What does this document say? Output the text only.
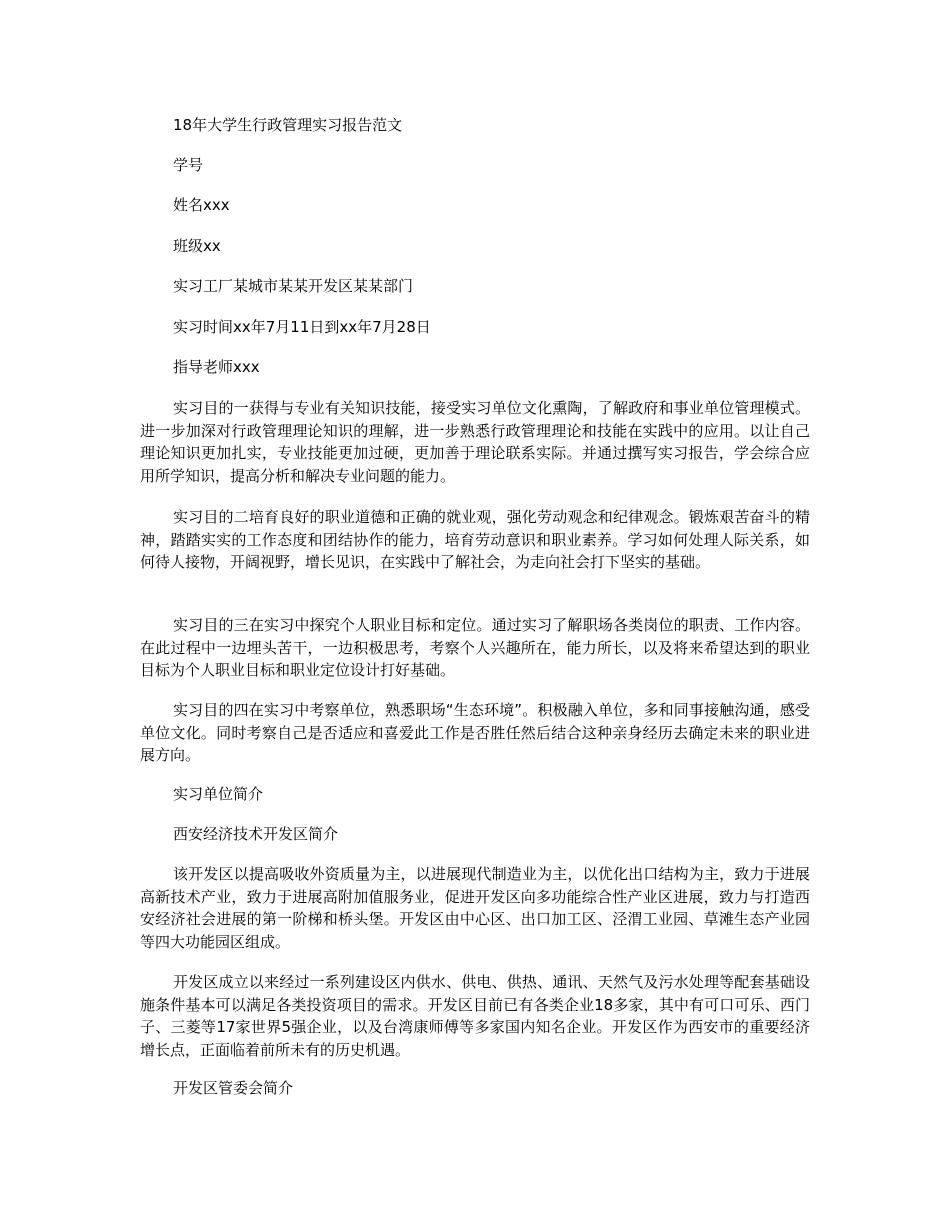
18年大学生行政管理实习报告范文
学号
姓名xxx
班级xx
实习工厂某城市某某开发区某某部门
实习时间xx年7月11日到xx年7月28日
指导老师xxx
实习目的一获得与专业有关知识技能，接受实习单位文化熏陶，了解政府和事业单位管理模式。进一步加深对行政管理理论知识的理解，进一步熟悉行政管理理论和技能在实践中的应用。以让自己理论知识更加扎实，专业技能更加过硬，更加善于理论联系实际。并通过撰写实习报告，学会综合应用所学知识，提高分析和解决专业问题的能力。
实习目的二培育良好的职业道德和正确的就业观，强化劳动观念和纪律观念。锻炼艰苦奋斗的精神，踏踏实实的工作态度和团结协作的能力，培育劳动意识和职业素养。学习如何处理人际关系，如何待人接物，开阔视野，增长见识，在实践中了解社会，为走向社会打下坚实的基础。
实习目的三在实习中探究个人职业目标和定位。通过实习了解职场各类岗位的职责、工作内容。在此过程中一边埋头苦干，一边积极思考，考察个人兴趣所在，能力所长，以及将来希望达到的职业目标为个人职业目标和职业定位设计打好基础。
实习目的四在实习中考察单位，熟悉职场“生态环境”。积极融入单位，多和同事接触沟通，感受单位文化。同时考察自己是否适应和喜爱此工作是否胜任然后结合这种亲身经历去确定未来的职业进展方向。
实习单位简介
西安经济技术开发区简介
该开发区以提高吸收外资质量为主，以进展现代制造业为主，以优化出口结构为主，致力于进展高新技术产业，致力于进展高附加值服务业，促进开发区向多功能综合性产业区进展，致力与打造西安经济社会进展的第一阶梯和桥头堡。开发区由中心区、出口加工区、泾渭工业园、草滩生态产业园等四大功能园区组成。
开发区成立以来经过一系列建设区内供水、供电、供热、通讯、天然气及污水处理等配套基础设施条件基本可以满足各类投资项目的需求。开发区目前已有各类企业18多家，其中有可口可乐、西门子、三菱等17家世界5强企业，以及台湾康师傅等多家国内知名企业。开发区作为西安市的重要经济增长点，正面临着前所未有的历史机遇。
开发区管委会简介
